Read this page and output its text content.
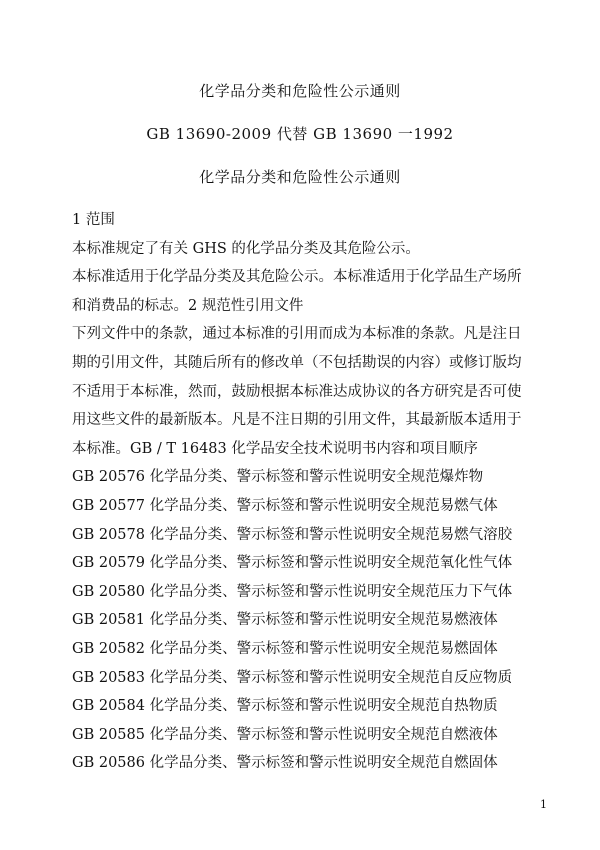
化学品分类和危险性公示通则
GB 13690-2009 代替 GB 13690 一1992
化学品分类和危险性公示通则
1 范围
本标准规定了有关 GHS 的化学品分类及其危险公示。
本标准适用于化学品分类及其危险公示。本标准适用于化学品生产场所
和消费品的标志。2 规范性引用文件
下列文件中的条款，通过本标准的引用而成为本标准的条款。凡是注日
期的引用文件，其随后所有的修改单（不包括勘误的内容）或修订版均
不适用于本标准，然而，鼓励根据本标准达成协议的各方研究是否可使
用这些文件的最新版本。凡是不注日期的引用文件，其最新版本适用于
本标准。GB / T 16483 化学品安全技术说明书内容和项目顺序
GB 20576 化学品分类、警示标签和警示性说明安全规范爆炸物
GB 20577 化学品分类、警示标签和警示性说明安全规范易燃气体
GB 20578 化学品分类、警示标签和警示性说明安全规范易燃气溶胶
GB 20579 化学品分类、警示标签和警示性说明安全规范氧化性气体
GB 20580 化学品分类、警示标签和警示性说明安全规范压力下气体
GB 20581 化学品分类、警示标签和警示性说明安全规范易燃液体
GB 20582 化学品分类、警示标签和警示性说明安全规范易燃固体
GB 20583 化学品分类、警示标签和警示性说明安全规范自反应物质
GB 20584 化学品分类、警示标签和警示性说明安全规范自热物质
GB 20585 化学品分类、警示标签和警示性说明安全规范自燃液体
GB 20586 化学品分类、警示标签和警示性说明安全规范自燃固体
1
